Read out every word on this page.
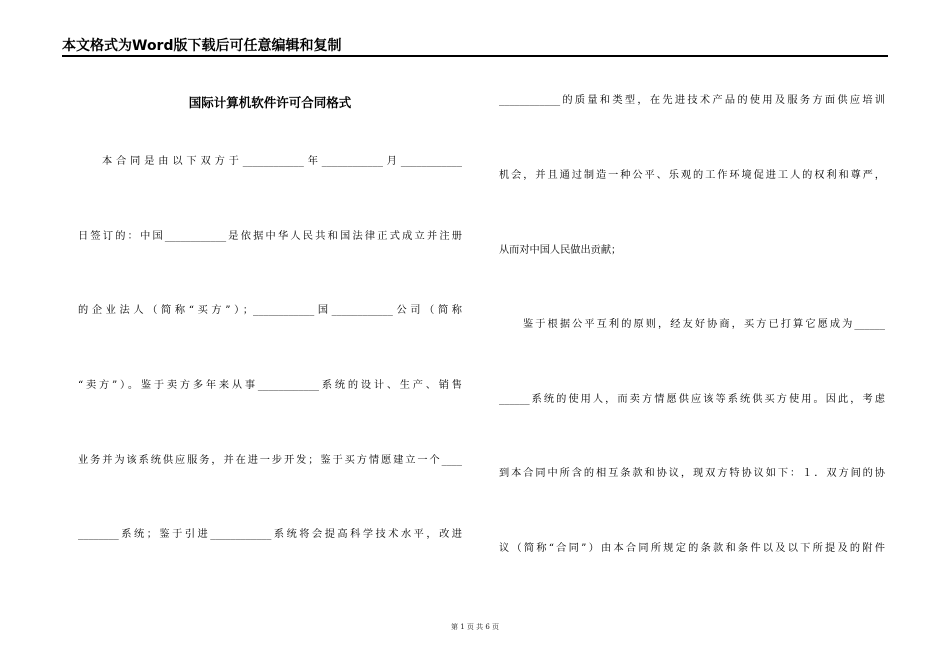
本文格式为Word版下载后可任意编辑和复制
国际计算机软件许可合同格式
本合同是由以下双方于____________年____________月____________
日签订的：中国____________是依据中华人民共和国法律正式成立并注册
的企业法人（简称“买方”）；____________国____________公司（简称
“卖方”）。鉴于卖方多年来从事____________系统的设计、生产、销售
业务并为该系统供应服务，并在进一步开发；鉴于买方情愿建立一个____
________系统；鉴于引进____________系统将会提高科学技术水平，改进
____________的质量和类型，在先进技术产品的使用及服务方面供应培训
机会，并且通过制造一种公平、乐观的工作环境促进工人的权利和尊严，
从而对中国人民做出贡献；
鉴于根据公平互利的原则，经友好协商，买方已打算它愿成为______
______系统的使用人，而卖方情愿供应该等系统供买方使用。因此，考虑
到本合同中所含的相互条款和协议，现双方特协议如下：１．双方间的协
议（简称“合同”）由本合同所规定的条款和条件以及以下所提及的附件
第 1 页 共 6 页
